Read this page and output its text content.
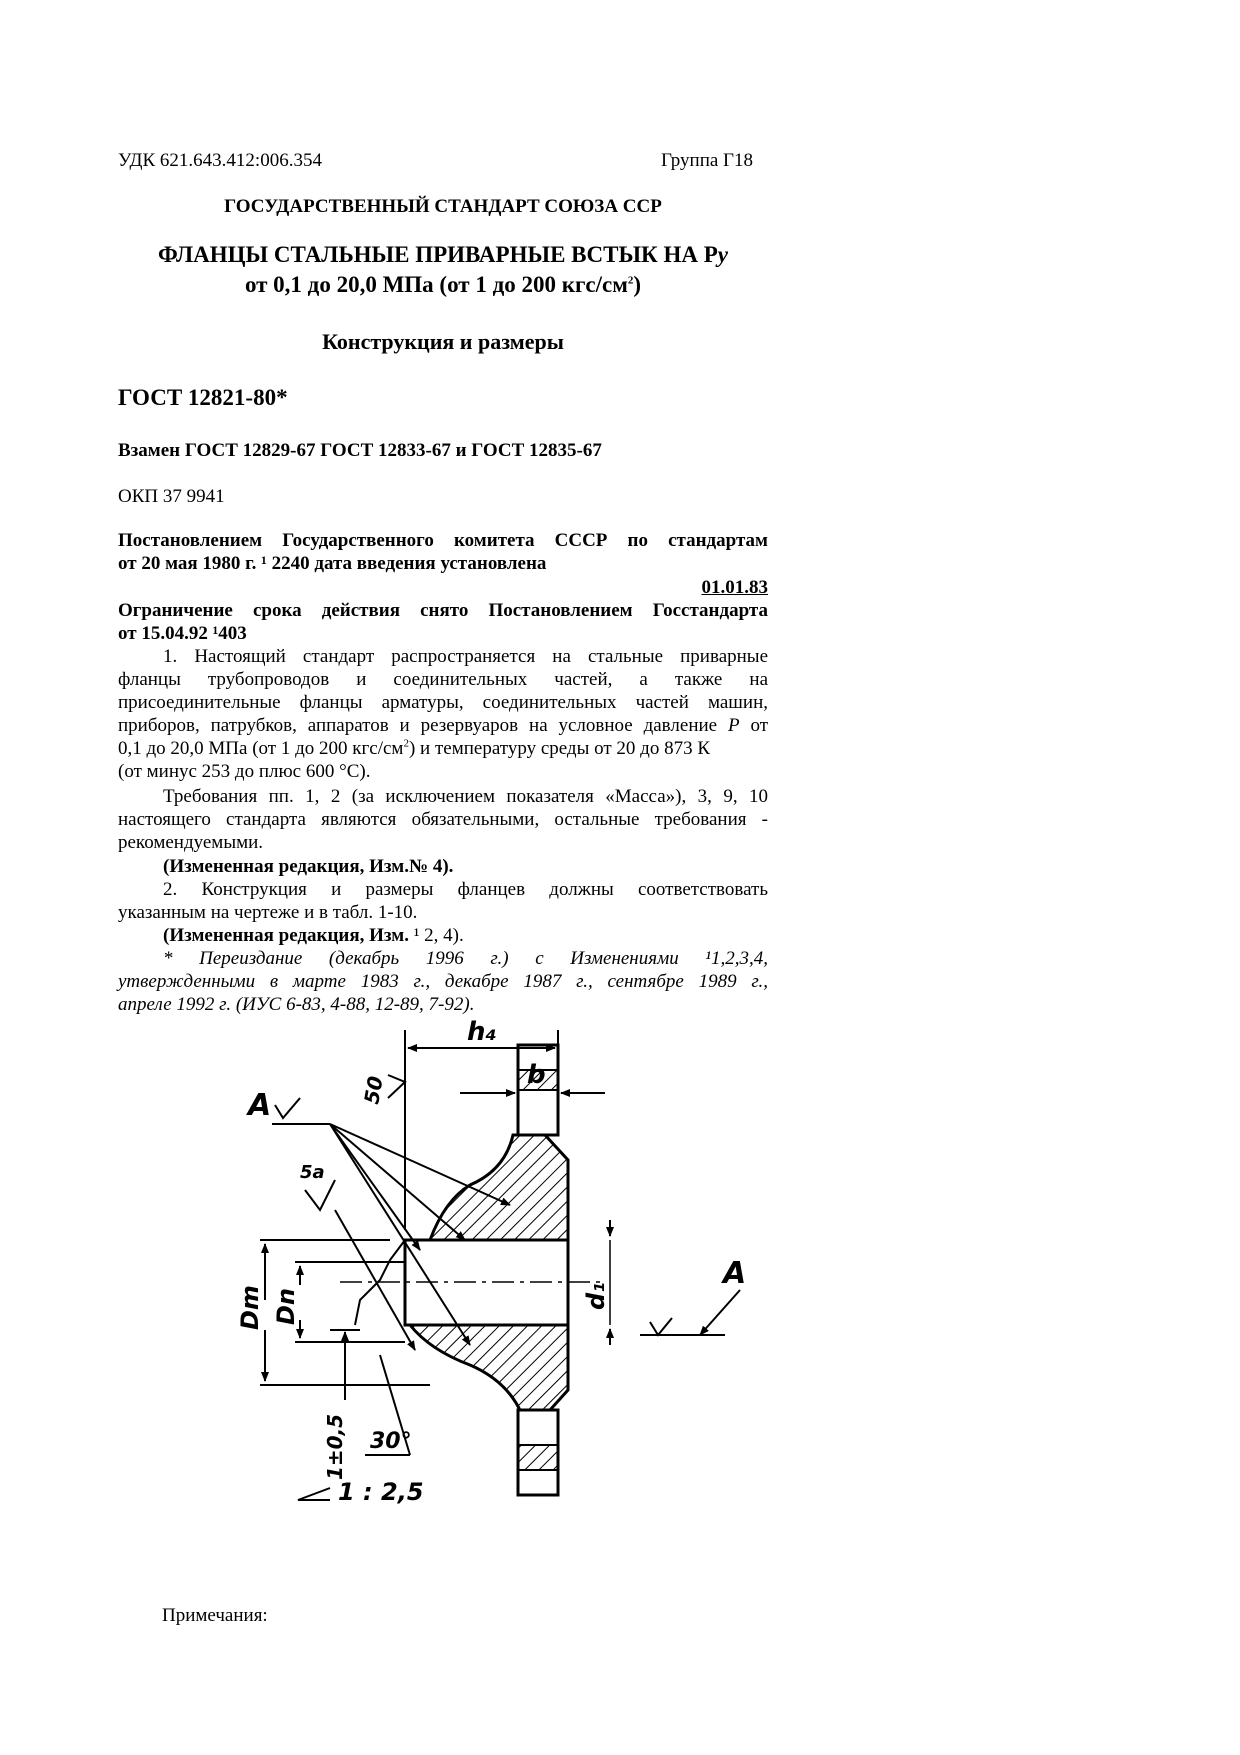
УДК 621.643.412:006.354	Группа Г18
ГОСУДАРСТВЕННЫЙ СТАНДАРТ СОЮЗА ССР
ФЛАНЦЫ СТАЛЬНЫЕ ПРИВАРНЫЕ ВСТЫК НА Ру
от 0,1 до 20,0 МПа (от 1 до 200 кгс/$см^2$)
Конструкция и размеры
ГОСТ 12821-80*
Взамен ГОСТ 12829-67 ГОСТ 12833-67 и ГОСТ 12835-67
ОКП 37 9941
Постановлением Государственного комитета СССР по стандартам
от 20 мая 1980 г. ¹ 2240 дата введения установлена
01.01.83
Ограничение срока действия снято Постановлением Госстандарта
от 15.04.92 ¹403
1. Настоящий стандарт распространяется на стальные приварные
фланцы трубопроводов и соединительных частей, а также на
присоединительные фланцы арматуры, соединительных частей машин,
приборов, патрубков, аппаратов и резервуаров на условное давление Р от
0,1 до 20,0 МПа (от 1 до 200 кгс/$см^2$) и температуру среды от 20 до 873 К
(от минус 253 до плюс 600 °С).
Требования пп. 1, 2 (за исключением показателя «Масса»), 3, 9, 10
настоящего стандарта являются обязательными, остальные требования -
рекомендуемыми.
(Измененная редакция, Изм.№ 4).
2. Конструкция и размеры фланцев должны соответствовать
указанным на чертеже и в табл. 1-10.
(Измененная редакция, Изм. ¹ 2, 4).
* Переиздание (декабрь 1996 г.) с Изменениями ¹1,2,3,4,
утвержденными в марте 1983 г., декабре 1987 г., сентябре 1989 г.,
апреле 1992 г. (ИУС 6-83, 4-88, 12-89, 7-92).
h₄
b
50
A
5a
Dm Dn	d₁
A
1±0,5 30°
1 : 2,5
Примечания:
